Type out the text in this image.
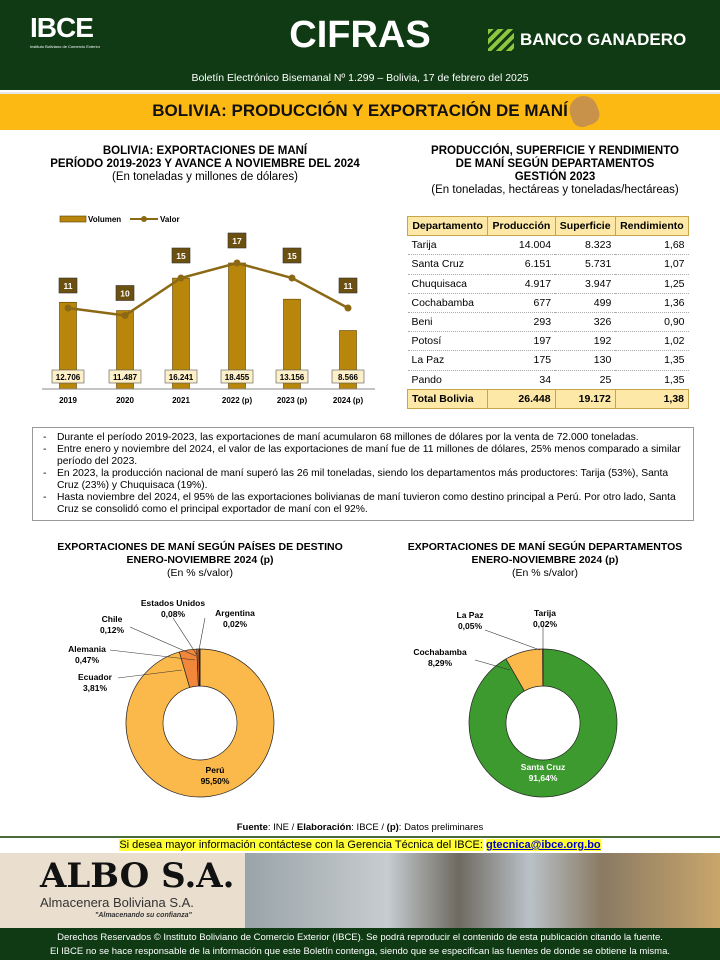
IBCE
Instituto Boliviano de Comercio Exterior	CIFRAS	BANCO GANADERO
Boletín Electrónico Bisemanal Nº 1.299 – Bolivia, 17 de febrero del 2025
BOLIVIA: PRODUCCIÓN Y EXPORTACIÓN DE MANÍ
BOLIVIA: EXPORTACIONES DE MANÍ
PERÍODO 2019-2023 Y AVANCE A NOVIEMBRE DEL 2024
(En toneladas y millones de dólares)
Volumen	Valor
11
10
15
17
15
11
12.706	11.487	16.241	18.455	13.156	8.566
2019	2020	2021	2022 (p)	2023 (p)	2024 (p)
PRODUCCIÓN, SUPERFICIE Y RENDIMIENTO
DE MANÍ SEGÚN DEPARTAMENTOS
GESTIÓN 2023
(En toneladas, hectáreas y toneladas/hectáreas)
Departamento	Producción	Superficie	Rendimiento
Tarija	14.004	8.323	1,68
Santa Cruz	6.151	5.731	1,07
Chuquisaca	4.917	3.947	1,25
Cochabamba	677	499	1,36
Beni	293	326	0,90
Potosí	197	192	1,02
La Paz	175	130	1,35
Pando	34	25	1,35
Total Bolivia	26.448	19.172	1,38
- Durante el período 2019-2023, las exportaciones de maní acumularon 68 millones de dólares por la venta de 72.000 toneladas.
- Entre enero y noviembre del 2024, el valor de las exportaciones de maní fue de 11 millones de dólares, 25% menos comparado a similar período del 2023.
- En 2023, la producción nacional de maní superó las 26 mil toneladas, siendo los departamentos más productores: Tarija (53%), Santa Cruz (23%) y Chuquisaca (19%).
- Hasta noviembre del 2024, el 95% de las exportaciones bolivianas de maní tuvieron como destino principal a Perú. Por otro lado, Santa Cruz se consolidó como el principal exportador de maní con el 92%.
EXPORTACIONES DE MANÍ SEGÚN PAÍSES DE DESTINO
ENERO-NOVIEMBRE 2024 (p)
(En % s/valor)
Perú
95,50%
Ecuador
3,81%
Alemania
0,47%
Chile
0,12%
Estados Unidos
0,08%	Argentina
0,02%
EXPORTACIONES DE MANÍ SEGÚN DEPARTAMENTOS
ENERO-NOVIEMBRE 2024 (p)
(En % s/valor)
Santa Cruz
91,64%
Cochabamba
8,29%
La Paz
0,05%
Tarija
0,02%
Fuente: INE / Elaboración: IBCE / (p): Datos preliminares
Si desea mayor información contáctese con la Gerencia Técnica del IBCE: gtecnica@ibce.org.bo
ALBO S.A.
Almacenera Boliviana S.A.
"Almacenando su confianza"
Derechos Reservados © Instituto Boliviano de Comercio Exterior (IBCE). Se podrá reproducir el contenido de esta publicación citando la fuente.
El IBCE no se hace responsable de la información que este Boletín contenga, siendo que se especifican las fuentes de donde se obtiene la misma.
